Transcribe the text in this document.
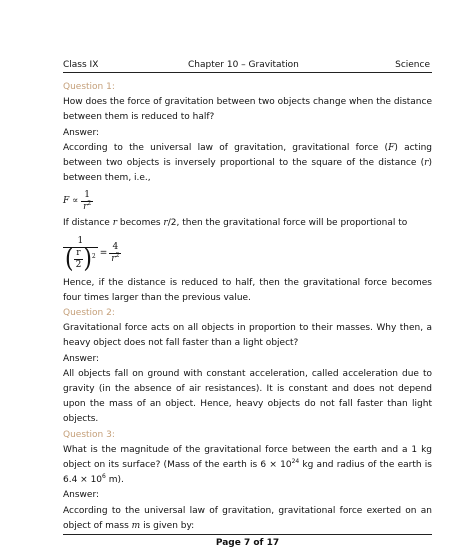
Class IX	Chapter 10 – Gravitation	Science

Question 1:

How does the force of gravitation between two objects change when the distance between them is reduced to half?

Answer:

According to the universal law of gravitation, gravitational force (F) acting between two objects is inversely proportional to the square of the distance (r) between them, i.e.,

F ∝
$\frac{1}{r^2}$

If distance r becomes r/2, then the gravitational force will be proportional to

$\frac{1}{( \frac{r}{2} )^2} = \frac{4}{r^2}$

Hence, if the distance is reduced to half, then the gravitational force becomes four times larger than the previous value.

Question 2:

Gravitational force acts on all objects in proportion to their masses. Why then, a heavy object does not fall faster than a light object?

Answer:

All objects fall on ground with constant acceleration, called acceleration due to gravity (in the absence of air resistances). It is constant and does not depend upon the mass of an object. Hence, heavy objects do not fall faster than light objects.

Question 3:

What is the magnitude of the gravitational force between the earth and a 1 kg object on its surface? (Mass of the earth is $6 \times 10^{24}$ kg and radius of the earth is $6.4 \times 10^6$ m).

Answer:

According to the universal law of gravitation, gravitational force exerted on an object of mass m is given by:

Page 7 of 17
